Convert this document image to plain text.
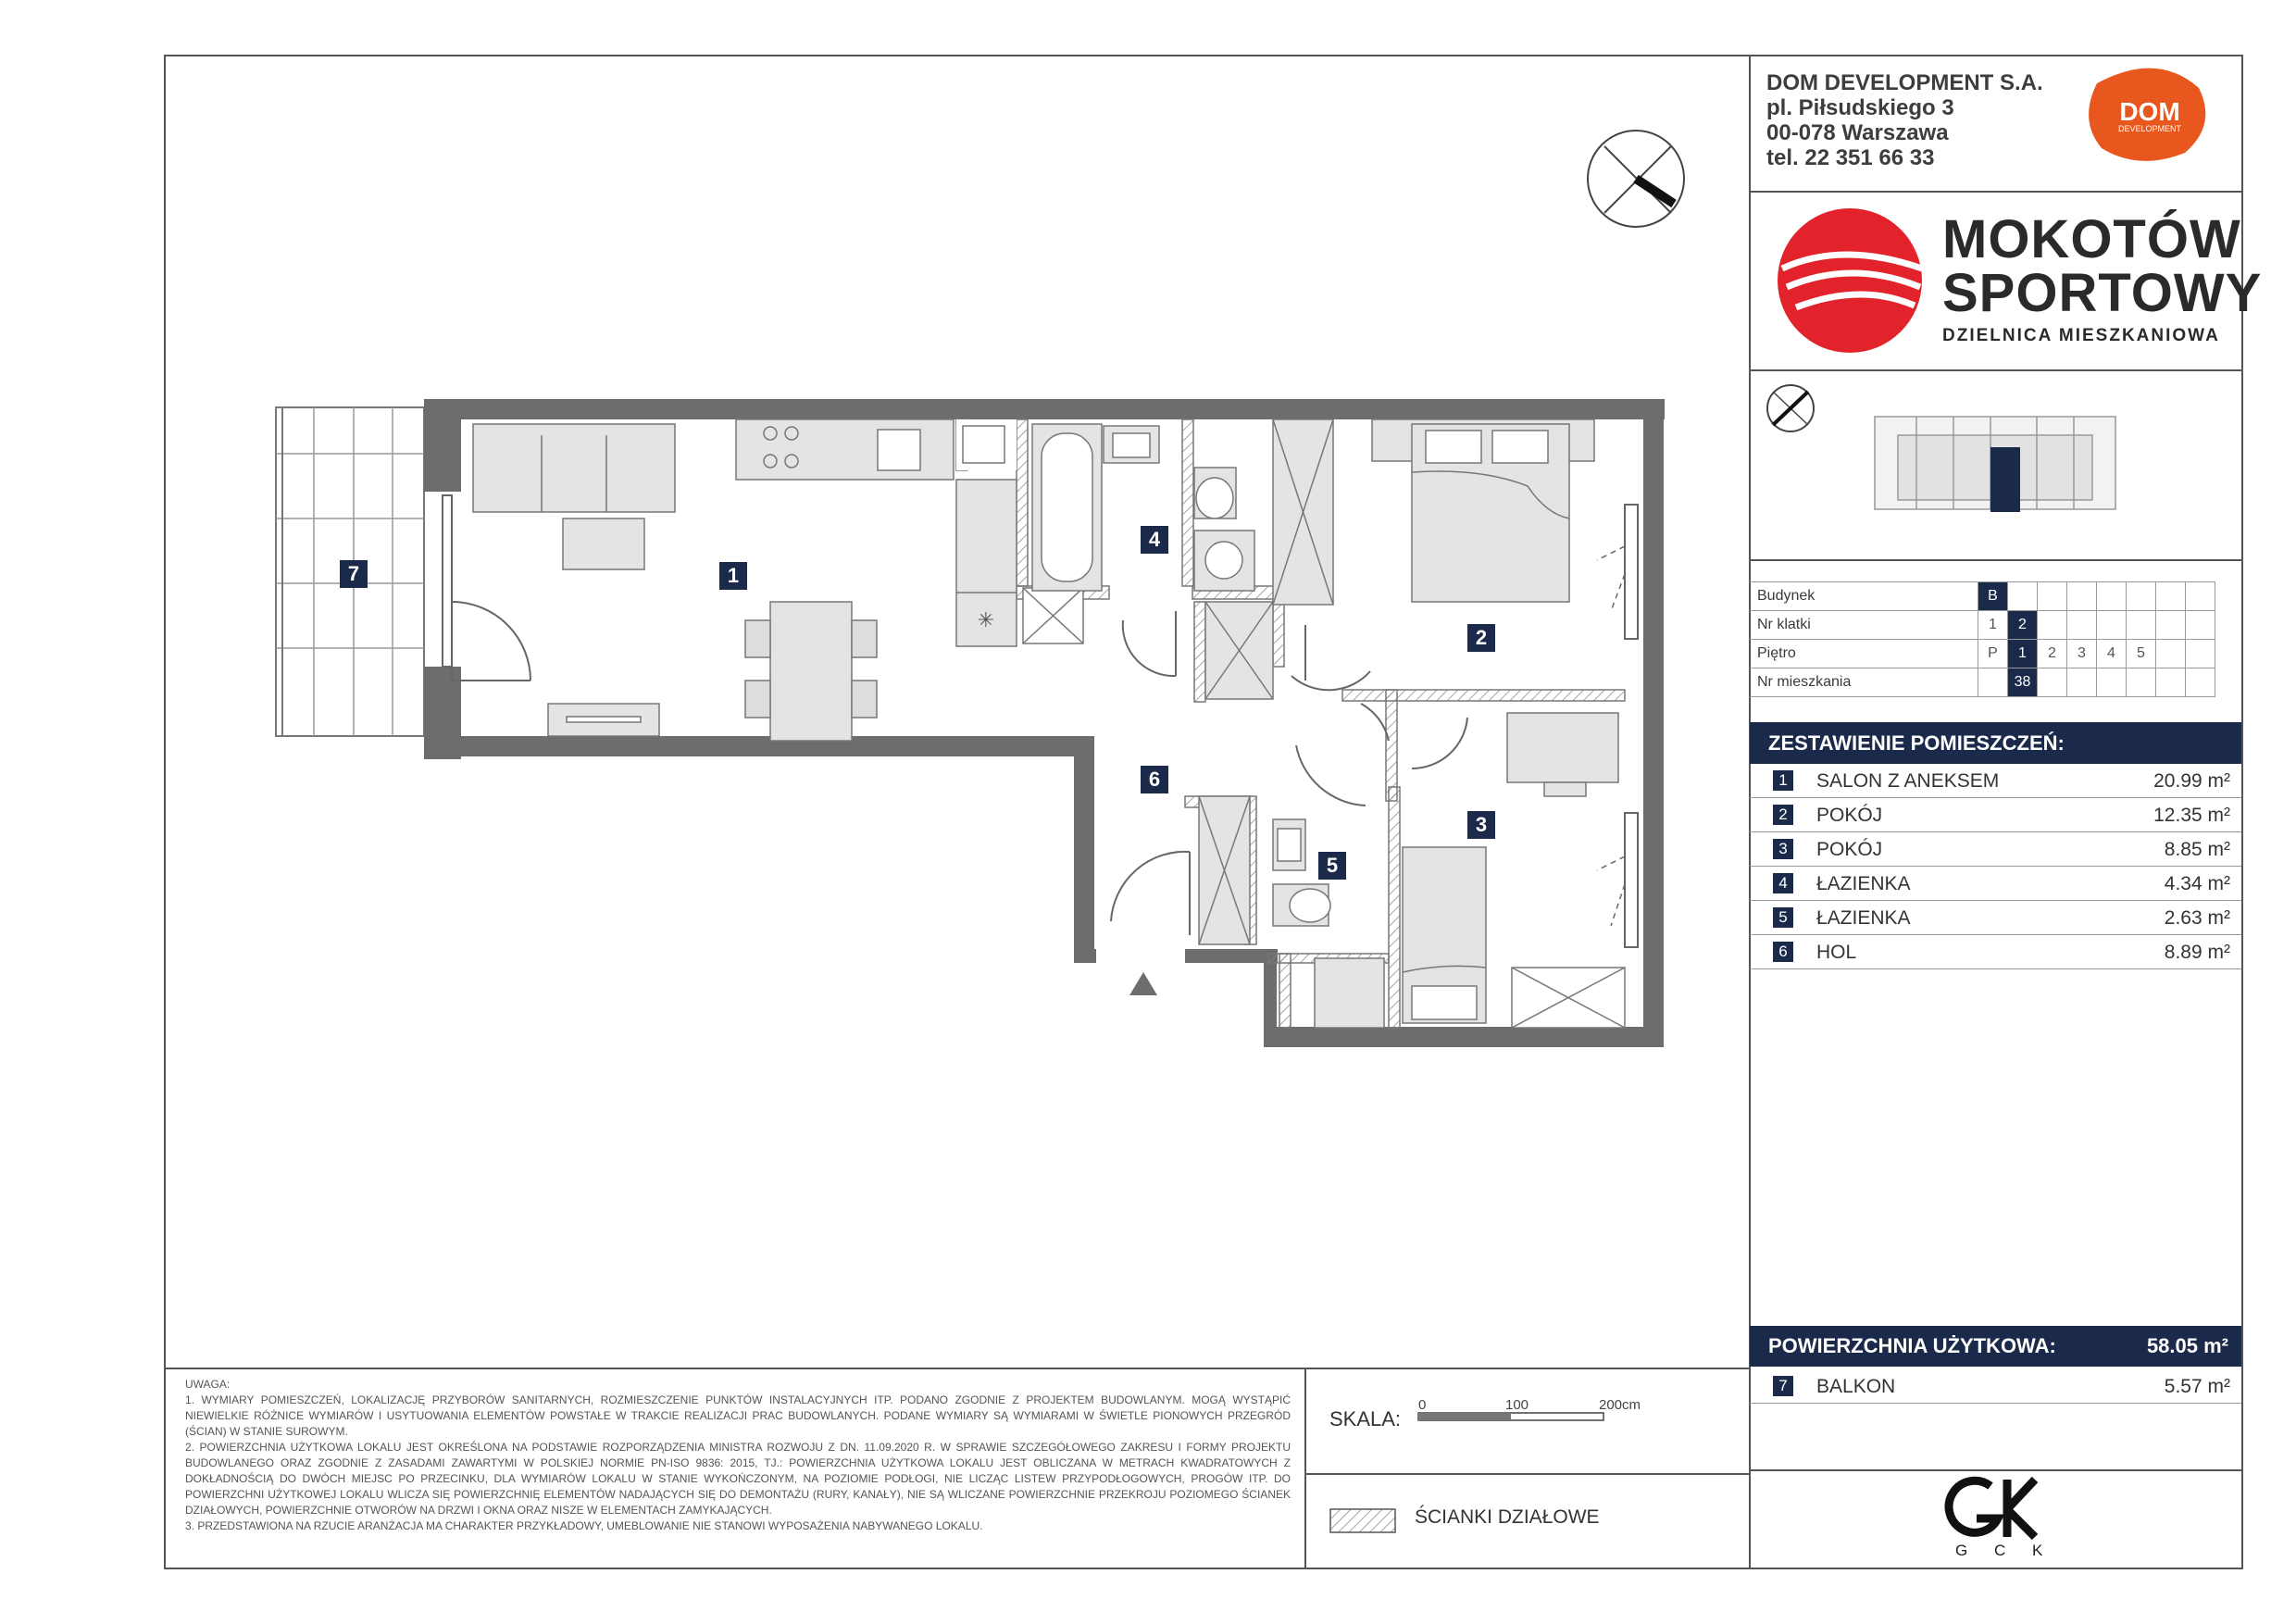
✳
1
2
3
4
5
6
7
DOM DEVELOPMENT S.A.
pl. Piłsudskiego 3
00-078 Warszawa
tel. 22 351 66 33
DOM
DEVELOPMENT
MOKOTÓW
SPORTOWY
DZIELNICA MIESZKANIOWA
Budynek	B							
Nr klatki	1	2						
Piętro	P	1	2	3	4	5		
Nr mieszkania		38						
ZESTAWIENIE POMIESZCZEŃ:
1 SALON Z ANEKSEM	20.99 m²
2 POKÓJ	12.35 m²
3 POKÓJ	8.85 m²
4 ŁAZIENKA	4.34 m²
5 ŁAZIENKA	2.63 m²
6 HOL	8.89 m²
POWIERZCHNIA UŻYTKOWA:	58.05 m²
7 BALKON	5.57 m²

UWAGA:

1. WYMIARY POMIESZCZEŃ, LOKALIZACJĘ PRZYBORÓW SANITARNYCH, ROZMIESZCZENIE PUNKTÓW INSTALACYJNYCH ITP. PODANO ZGODNIE Z PROJEKTEM BUDOWLANYM. MOGĄ WYSTĄPIĆ NIEWIELKIE RÓŻNICE WYMIARÓW I USYTUOWANIA ELEMENTÓW POWSTAŁE W TRAKCIE REALIZACJI PRAC BUDOWLANYCH. PODANE WYMIARY SĄ WYMIARAMI W ŚWIETLE PIONOWYCH PRZEGRÓD (ŚCIAN) W STANIE SUROWYM.

2. POWIERZCHNIA UŻYTKOWA LOKALU JEST OKREŚLONA NA PODSTAWIE ROZPORZĄDZENIA MINISTRA ROZWOJU Z DN. 11.09.2020 R. W SPRAWIE SZCZEGÓŁOWEGO ZAKRESU I FORMY PROJEKTU BUDOWLANEGO ORAZ ZGODNIE Z ZASADAMI ZAWARTYMI W POLSKIEJ NORMIE PN-ISO 9836: 2015, TJ.: POWIERZCHNIA UŻYTKOWA LOKALU JEST OBLICZANA W METRACH KWADRATOWYCH Z DOKŁADNOŚCIĄ DO DWÓCH MIEJSC PO PRZECINKU, DLA WYMIARÓW LOKALU W STANIE WYKOŃCZONYM, NA POZIOMIE PODŁOGI, NIE LICZĄC LISTEW PRZYPODŁOGOWYCH, PROGÓW ITP. DO POWIERZCHNI UŻYTKOWEJ LOKALU WLICZA SIĘ POWIERZCHNIĘ ELEMENTÓW NADAJĄCYCH SIĘ DO DEMONTAŻU (RURY, KANAŁY), NIE SĄ WLICZANE POWIERZCHNIE PRZEKROJU POZIOMEGO ŚCIANEK DZIAŁOWYCH, POWIERZCHNIE OTWORÓW NA DRZWI I OKNA ORAZ NISZE W ELEMENTACH ZAMYKAJĄCYCH.

3. PRZEDSTAWIONA NA RZUCIE ARANŻACJA MA CHARAKTER PRZYKŁADOWY, UMEBLOWANIE NIE STANOWI WYPOSAŻENIA NABYWANEGO LOKALU.

SKALA:
0	100	200cm
ŚCIANKI DZIAŁOWE
G C K
